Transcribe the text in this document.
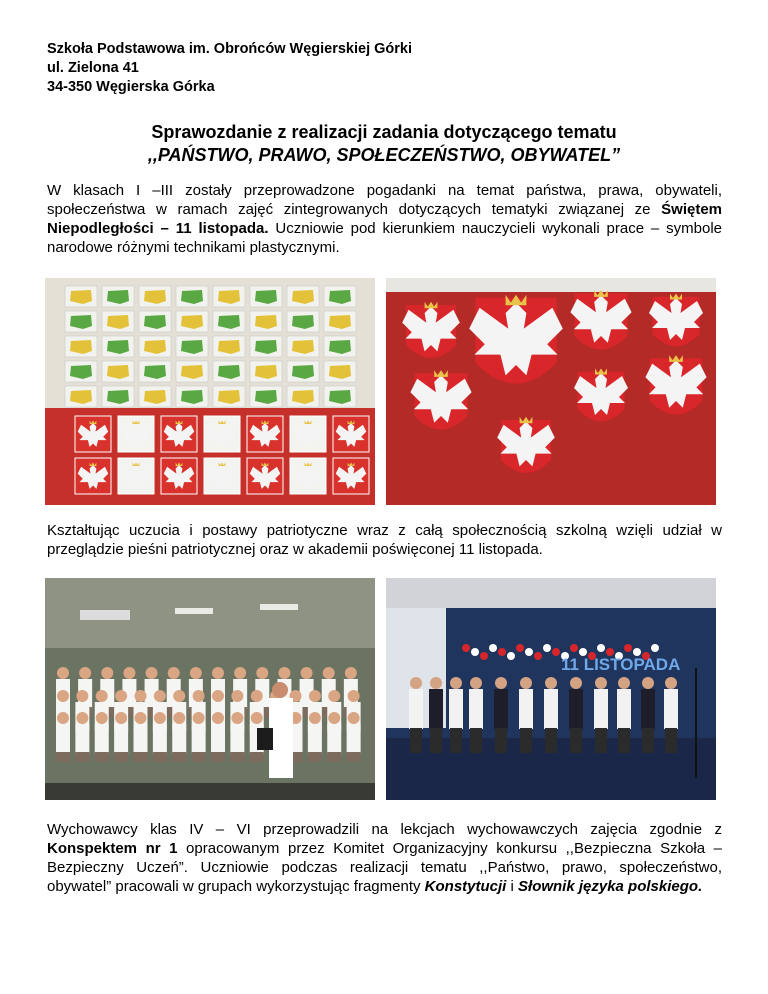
Szkoła Podstawowa im. Obrońców Węgierskiej Górki
ul. Zielona 41
34-350 Węgierska Górka
Sprawozdanie z realizacji zadania dotyczącego tematu
,,PAŃSTWO, PRAWO, SPOŁECZEŃSTWO, OBYWATEL”
W klasach I –III zostały przeprowadzone pogadanki na temat państwa, prawa, obywateli, społeczeństwa w ramach zajęć zintegrowanych dotyczących tematyki związanej ze Świętem Niepodległości – 11 listopada. Uczniowie pod kierunkiem nauczycieli wykonali prace – symbole narodowe różnymi technikami plastycznymi.
Kształtując uczucia i postawy patriotyczne wraz z całą społecznością szkolną wzięli udział w przeglądzie pieśni patriotycznej oraz w akademii poświęconej 11 listopada.
11 LISTOPADA
Wychowawcy klas IV – VI przeprowadzili na lekcjach wychowawczych zajęcia zgodnie z Konspektem nr 1 opracowanym przez Komitet Organizacyjny konkursu ,,Bezpieczna Szkoła – Bezpieczny Uczeń”. Uczniowie podczas realizacji tematu ,,Państwo, prawo, społeczeństwo, obywatel” pracowali w grupach wykorzystując fragmenty Konstytucji i Słownik języka polskiego.
